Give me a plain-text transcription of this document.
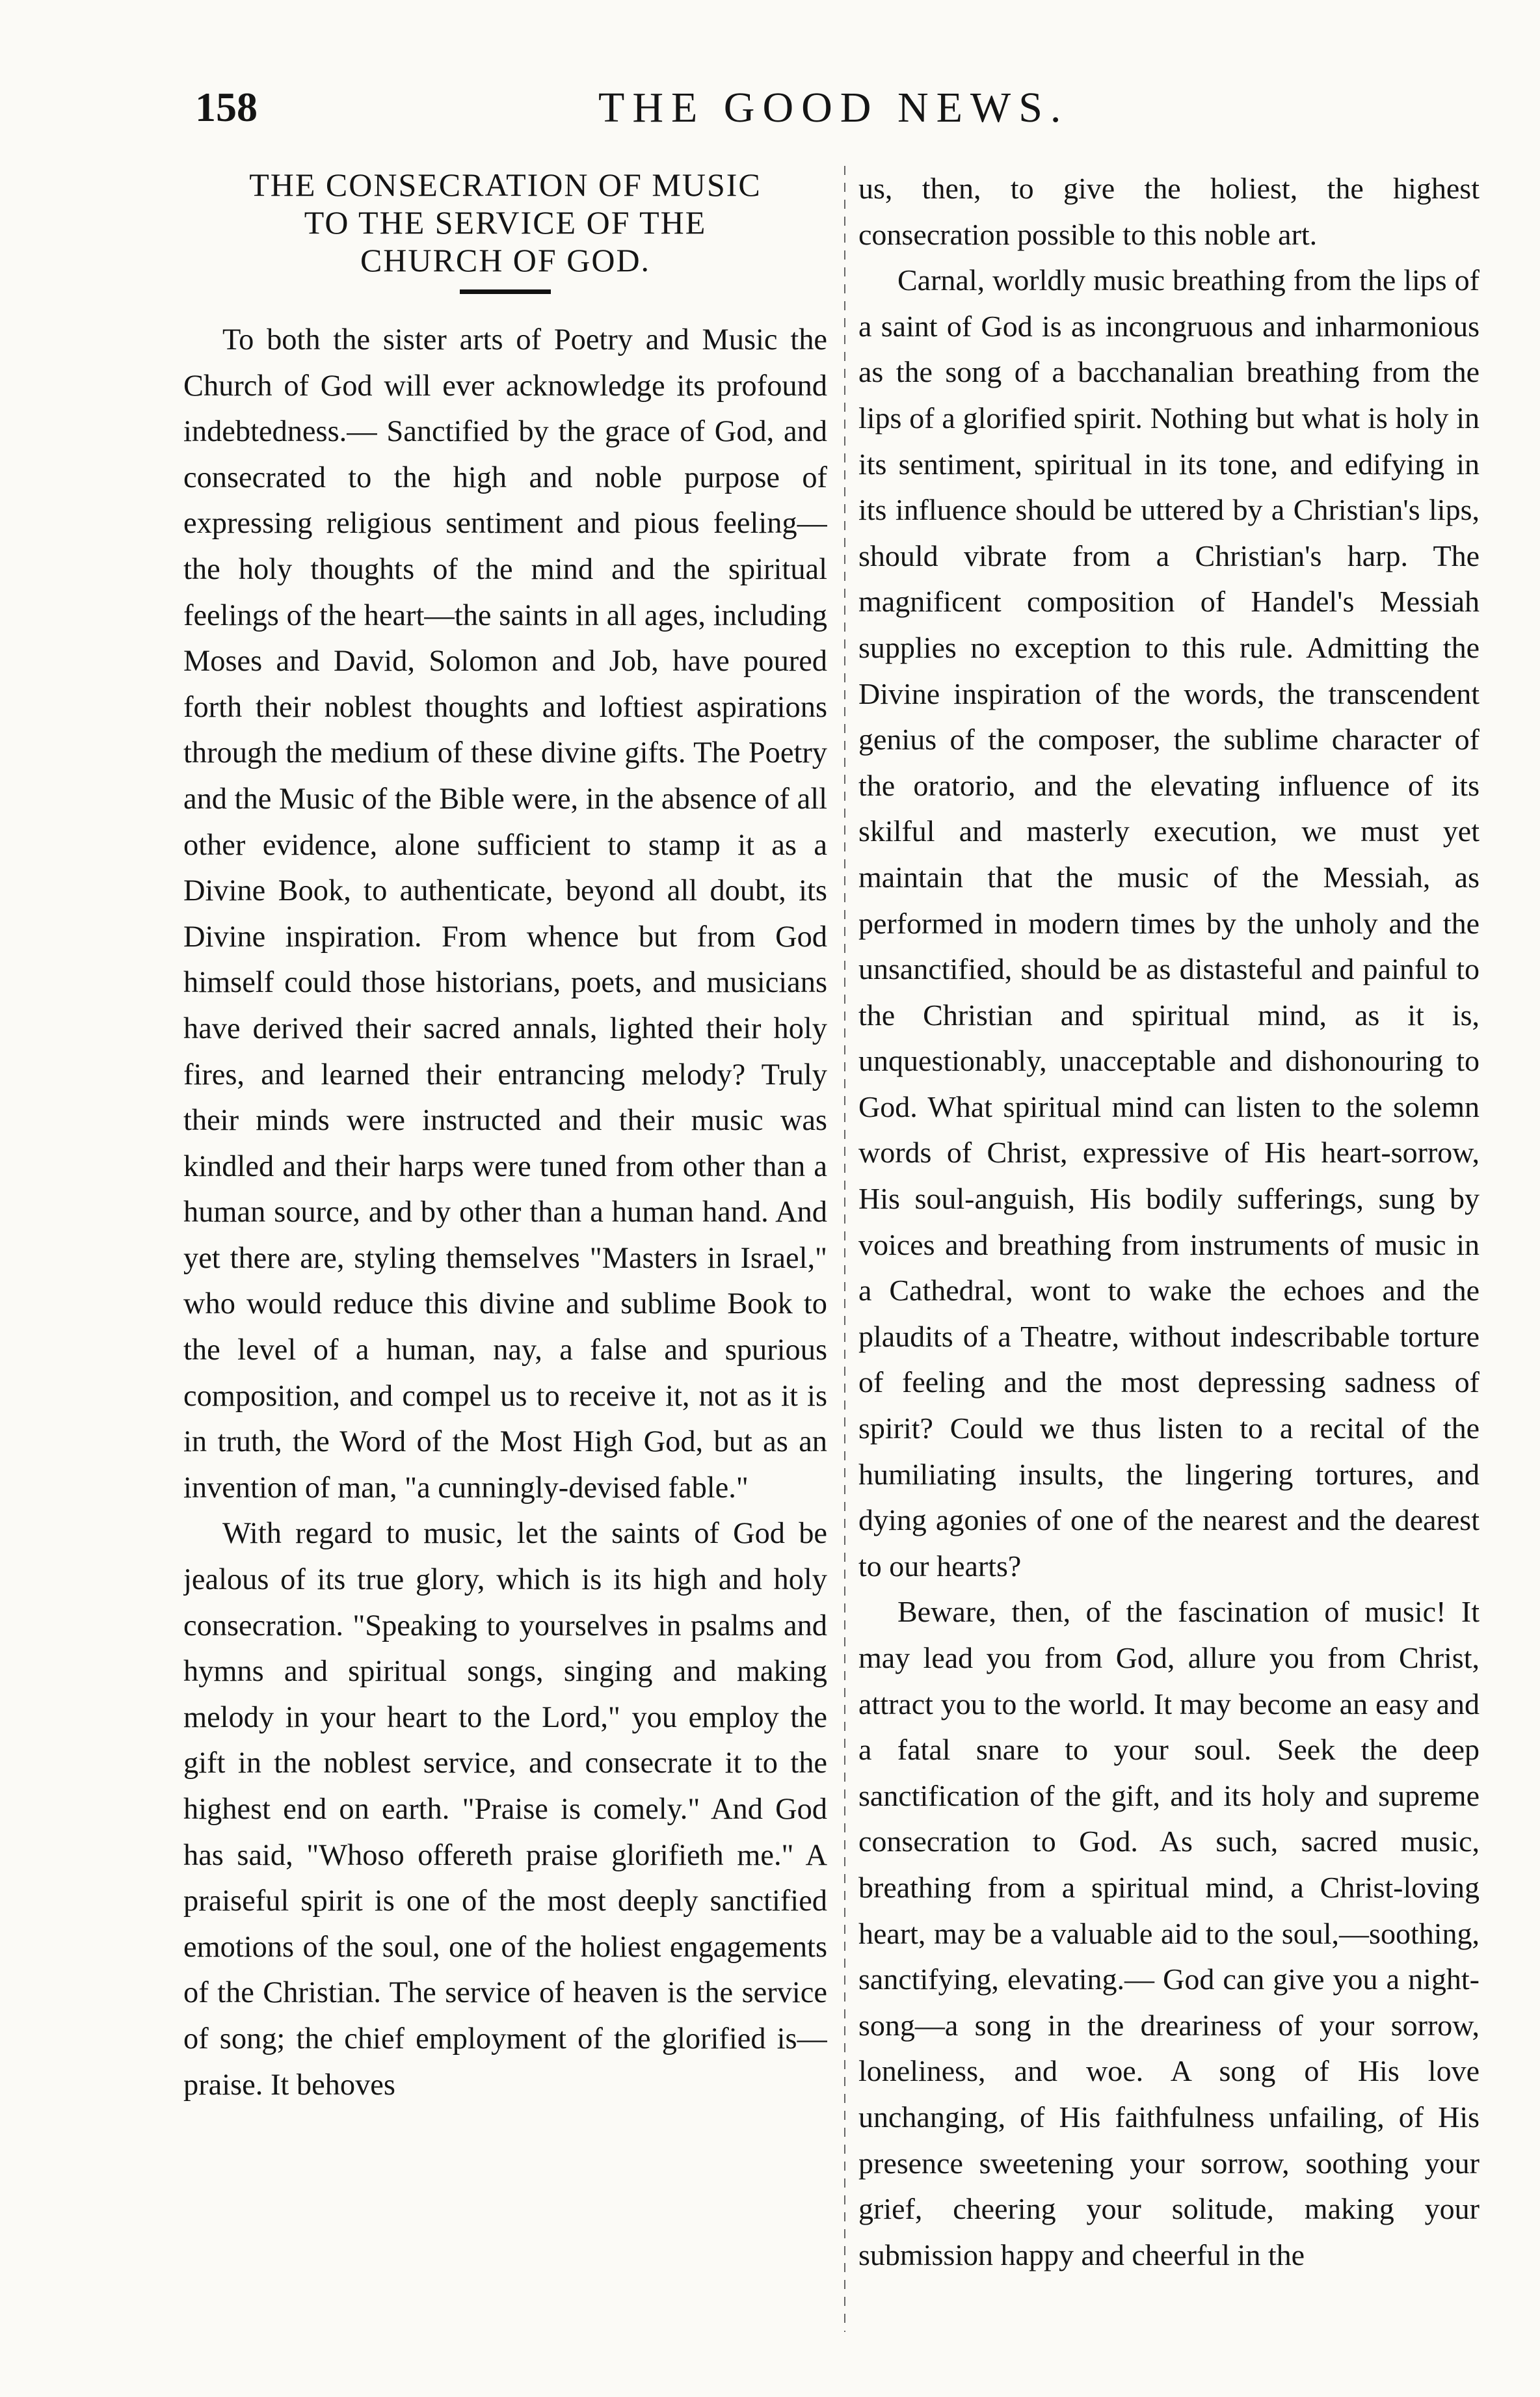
158	THE GOOD NEWS.
THE CONSECRATION OF MUSIC
TO THE SERVICE OF THE
CHURCH OF GOD.

To both the sister arts of Poetry and Music the Church of God will ever acknowledge its profound indebtedness.— Sanctified by the grace of God, and consecrated to the high and noble purpose of expressing religious sentiment and pious feeling—the holy thoughts of the mind and the spiritual feelings of the heart—the saints in all ages, including Moses and David, Solomon and Job, have poured forth their noblest thoughts and loftiest aspirations through the medium of these divine gifts. The Poetry and the Music of the Bible were, in the absence of all other evidence, alone sufficient to stamp it as a Divine Book, to authenticate, beyond all doubt, its Divine inspiration. From whence but from God himself could those historians, poets, and musicians have derived their sacred annals, lighted their holy fires, and learned their entrancing melody? Truly their minds were instructed and their music was kindled and their harps were tuned from other than a human source, and by other than a human hand. And yet there are, styling themselves "Masters in Israel," who would reduce this divine and sublime Book to the level of a human, nay, a false and spurious composition, and compel us to receive it, not as it is in truth, the Word of the Most High God, but as an invention of man, "a cunningly-devised fable."

With regard to music, let the saints of God be jealous of its true glory, which is its high and holy consecration. "Speaking to yourselves in psalms and hymns and spiritual songs, singing and making melody in your heart to the Lord," you employ the gift in the noblest service, and consecrate it to the highest end on earth. "Praise is comely." And God has said, "Whoso offereth praise glorifieth me." A praiseful spirit is one of the most deeply sanctified emotions of the soul, one of the holiest engagements of the Christian. The service of heaven is the service of song; the chief employment of the glorified is—praise. It behoves

us, then, to give the holiest, the highest consecration possible to this noble art.

Carnal, worldly music breathing from the lips of a saint of God is as incongruous and inharmonious as the song of a bacchanalian breathing from the lips of a glorified spirit. Nothing but what is holy in its sentiment, spiritual in its tone, and edifying in its influence should be uttered by a Christian's lips, should vibrate from a Christian's harp. The magnificent composition of Handel's Messiah supplies no exception to this rule. Admitting the Divine inspiration of the words, the transcendent genius of the composer, the sublime character of the oratorio, and the elevating influence of its skilful and masterly execution, we must yet maintain that the music of the Messiah, as performed in modern times by the unholy and the unsanctified, should be as distasteful and painful to the Christian and spiritual mind, as it is, unquestionably, unacceptable and dishonouring to God. What spiritual mind can listen to the solemn words of Christ, expressive of His heart-sorrow, His soul-anguish, His bodily sufferings, sung by voices and breathing from instruments of music in a Cathedral, wont to wake the echoes and the plaudits of a Theatre, without indescribable torture of feeling and the most depressing sadness of spirit? Could we thus listen to a recital of the humiliating insults, the lingering tortures, and dying agonies of one of the nearest and the dearest to our hearts?

Beware, then, of the fascination of music! It may lead you from God, allure you from Christ, attract you to the world. It may become an easy and a fatal snare to your soul. Seek the deep sanctification of the gift, and its holy and supreme consecration to God. As such, sacred music, breathing from a spiritual mind, a Christ-loving heart, may be a valuable aid to the soul,—soothing, sanctifying, elevating.— God can give you a night-song—a song in the dreariness of your sorrow, loneliness, and woe. A song of His love unchanging, of His faithfulness unfailing, of His presence sweetening your sorrow, soothing your grief, cheering your solitude, making your submission happy and cheerful in the
